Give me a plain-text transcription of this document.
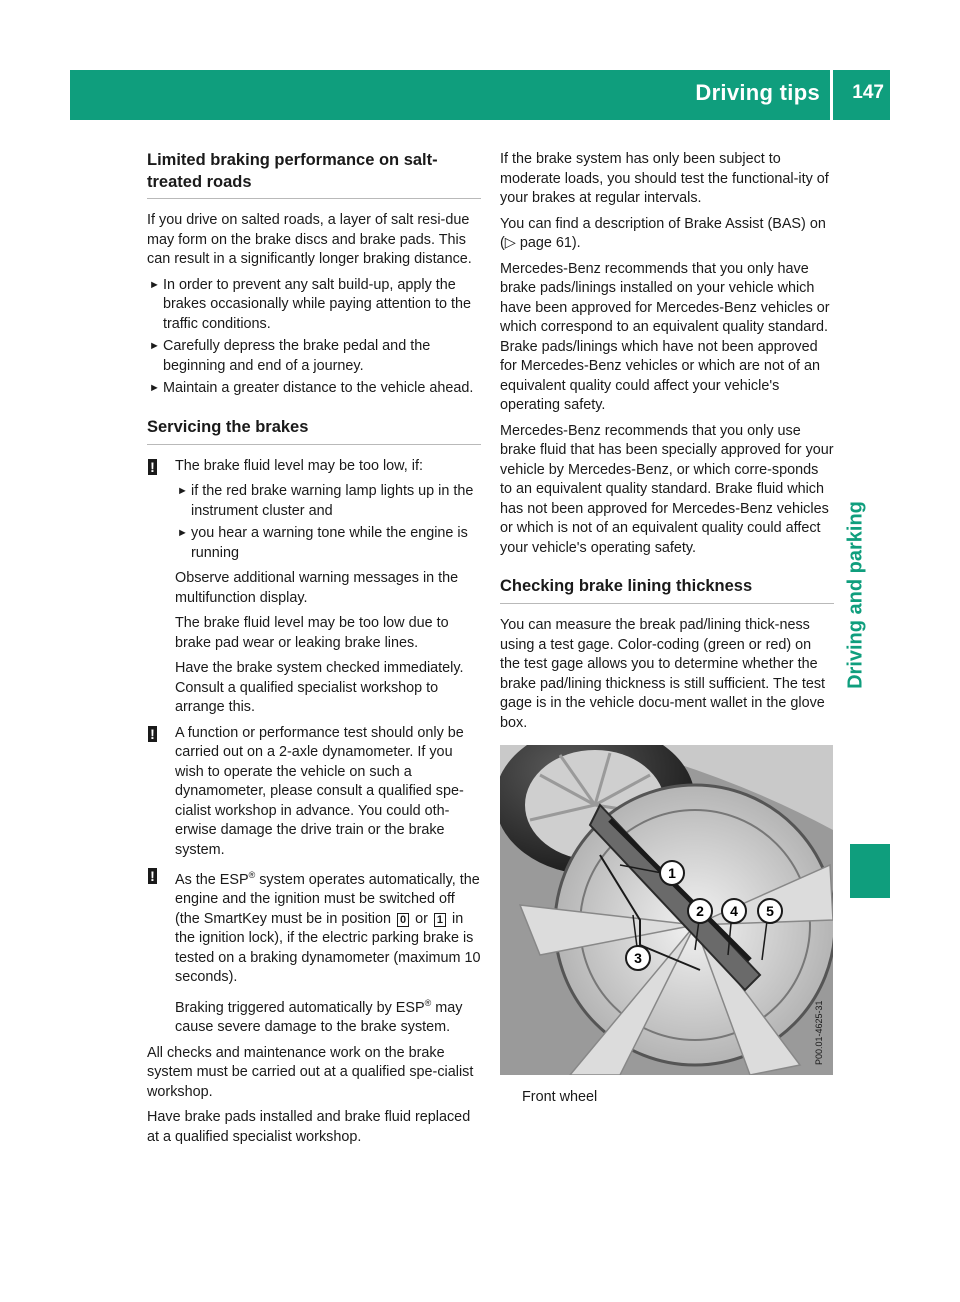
Driving tips 147
Driving and parking
Limited braking performance on salt-
treated roads

If you drive on salted roads, a layer of salt resi-due may form on the brake discs and brake pads. This can result in a significantly longer braking distance.

► In order to prevent any salt build-up, apply the brakes occasionally while paying attention to the traffic conditions.
► Carefully depress the brake pedal and the beginning and end of a journey.
► Maintain a greater distance to the vehicle ahead.
Servicing the brakes
! The brake fluid level may be too low, if:

► if the red brake warning lamp lights up in the instrument cluster and
► you hear a warning tone while the engine is running

Observe additional warning messages in the multifunction display.

The brake fluid level may be too low due to brake pad wear or leaking brake lines.

Have the brake system checked immediately. Consult a qualified specialist workshop to arrange this.

! A function or performance test should only be carried out on a 2-axle dynamometer. If you wish to operate the vehicle on such a dynamometer, please consult a qualified spe-cialist workshop in advance. You could oth-erwise damage the drive train or the brake system.

! As the ESP® system operates automatically, the engine and the ignition must be switched off (the SmartKey must be in position 0 or 1 in the ignition lock), if the electric parking brake is tested on a braking dynamometer (maximum 10 seconds).

Braking triggered automatically by ESP® may cause severe damage to the brake system.

All checks and maintenance work on the brake system must be carried out at a qualified spe-cialist workshop.

Have brake pads installed and brake fluid replaced at a qualified specialist workshop.

If the brake system has only been subject to moderate loads, you should test the functional-ity of your brakes at regular intervals.

You can find a description of Brake Assist (BAS) on (▷ page 61).

Mercedes-Benz recommends that you only have brake pads/linings installed on your vehicle which have been approved for Mercedes-Benz vehicles or which correspond to an equivalent quality standard. Brake pads/linings which have not been approved for Mercedes-Benz vehicles or which are not of an equivalent quality could affect your vehicle's operating safety.

Mercedes-Benz recommends that you only use brake fluid that has been specially approved for your vehicle by Mercedes-Benz, or which corre-sponds to an equivalent quality standard. Brake fluid which has not been approved for Mercedes-Benz vehicles or which is not of an equivalent quality could affect your vehicle's operating safety.

Checking brake lining thickness

You can measure the break pad/lining thick-ness using a test gage. Color-coding (green or red) on the test gage allows you to determine whether the brake pad/lining thickness is still sufficient. The test gage is in the vehicle docu-ment wallet in the glove box.

1
2
3
4 5
P00.01-4625-31
Front wheel
